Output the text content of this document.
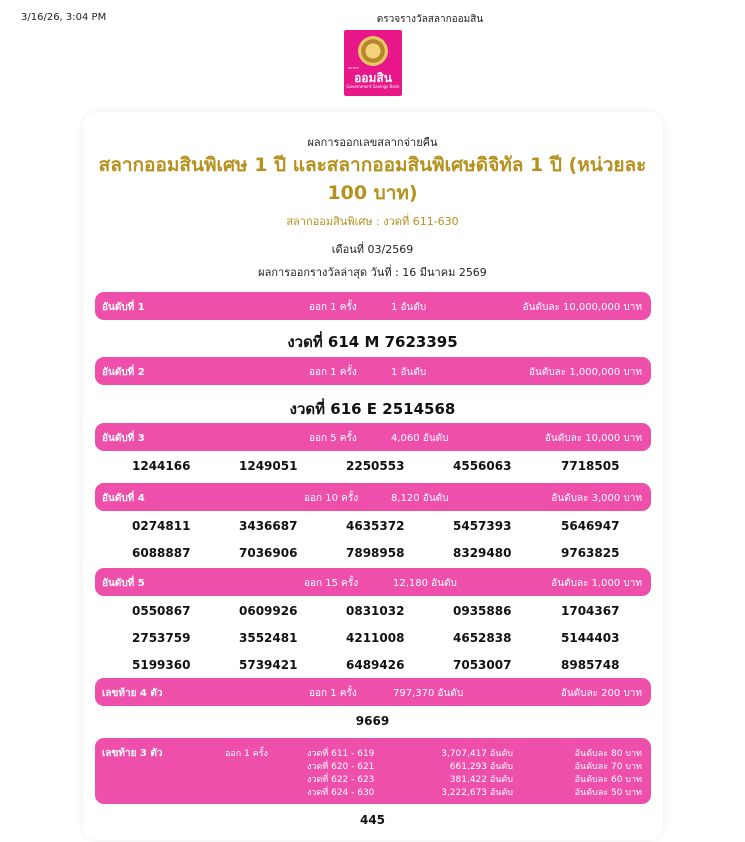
3/16/26, 3:04 PM	ตรวจรางวัลสลากออมสิน
ธนาคาร
ออมสิน
Government Savings Bank
ผลการออกเลขสลากจ่ายคืน
สลากออมสินพิเศษ 1 ปี และสลากออมสินพิเศษดิจิทัล 1 ปี (หน่วยละ
100 บาท)
สลากออมสินพิเศษ : งวดที่ 611-630
เดือนที่ 03/2569
ผลการออกรางวัลล่าสุด วันที่ : 16 มีนาคม 2569
อันดับที่ 1	ออก 1 ครั้ง	1 อันดับ	อันดับละ 10,000,000 บาท
งวดที่ 614 M 7623395
อันดับที่ 2	ออก 1 ครั้ง	1 อันดับ	อันดับละ 1,000,000 บาท
งวดที่ 616 E 2514568
อันดับที่ 3	ออก 5 ครั้ง	4,060 อันดับ	อันดับละ 10,000 บาท
1244166	1249051	2250553	4556063	7718505
อันดับที่ 4	ออก 10 ครั้ง	8,120 อันดับ	อันดับละ 3,000 บาท
0274811	3436687	4635372	5457393	5646947
6088887	7036906	7898958	8329480	9763825
อันดับที่ 5	ออก 15 ครั้ง	12,180 อันดับ	อันดับละ 1,000 บาท
0550867	0609926	0831032	0935886	1704367
2753759	3552481	4211008	4652838	5144403
5199360	5739421	6489426	7053007	8985748
เลขท้าย 4 ตัว	ออก 1 ครั้ง	797,370 อันดับ	อันดับละ 200 บาท
9669
เลขท้าย 3 ตัว	ออก 1 ครั้ง	งวดที่ 611 - 619	3,707,417 อันดับ	อันดับละ 80 บาท
งวดที่ 620 - 621	661,293 อันดับ	อันดับละ 70 บาท
งวดที่ 622 - 623	381,422 อันดับ	อันดับละ 60 บาท
งวดที่ 624 - 630	3,222,673 อันดับ	อันดับละ 50 บาท
445
